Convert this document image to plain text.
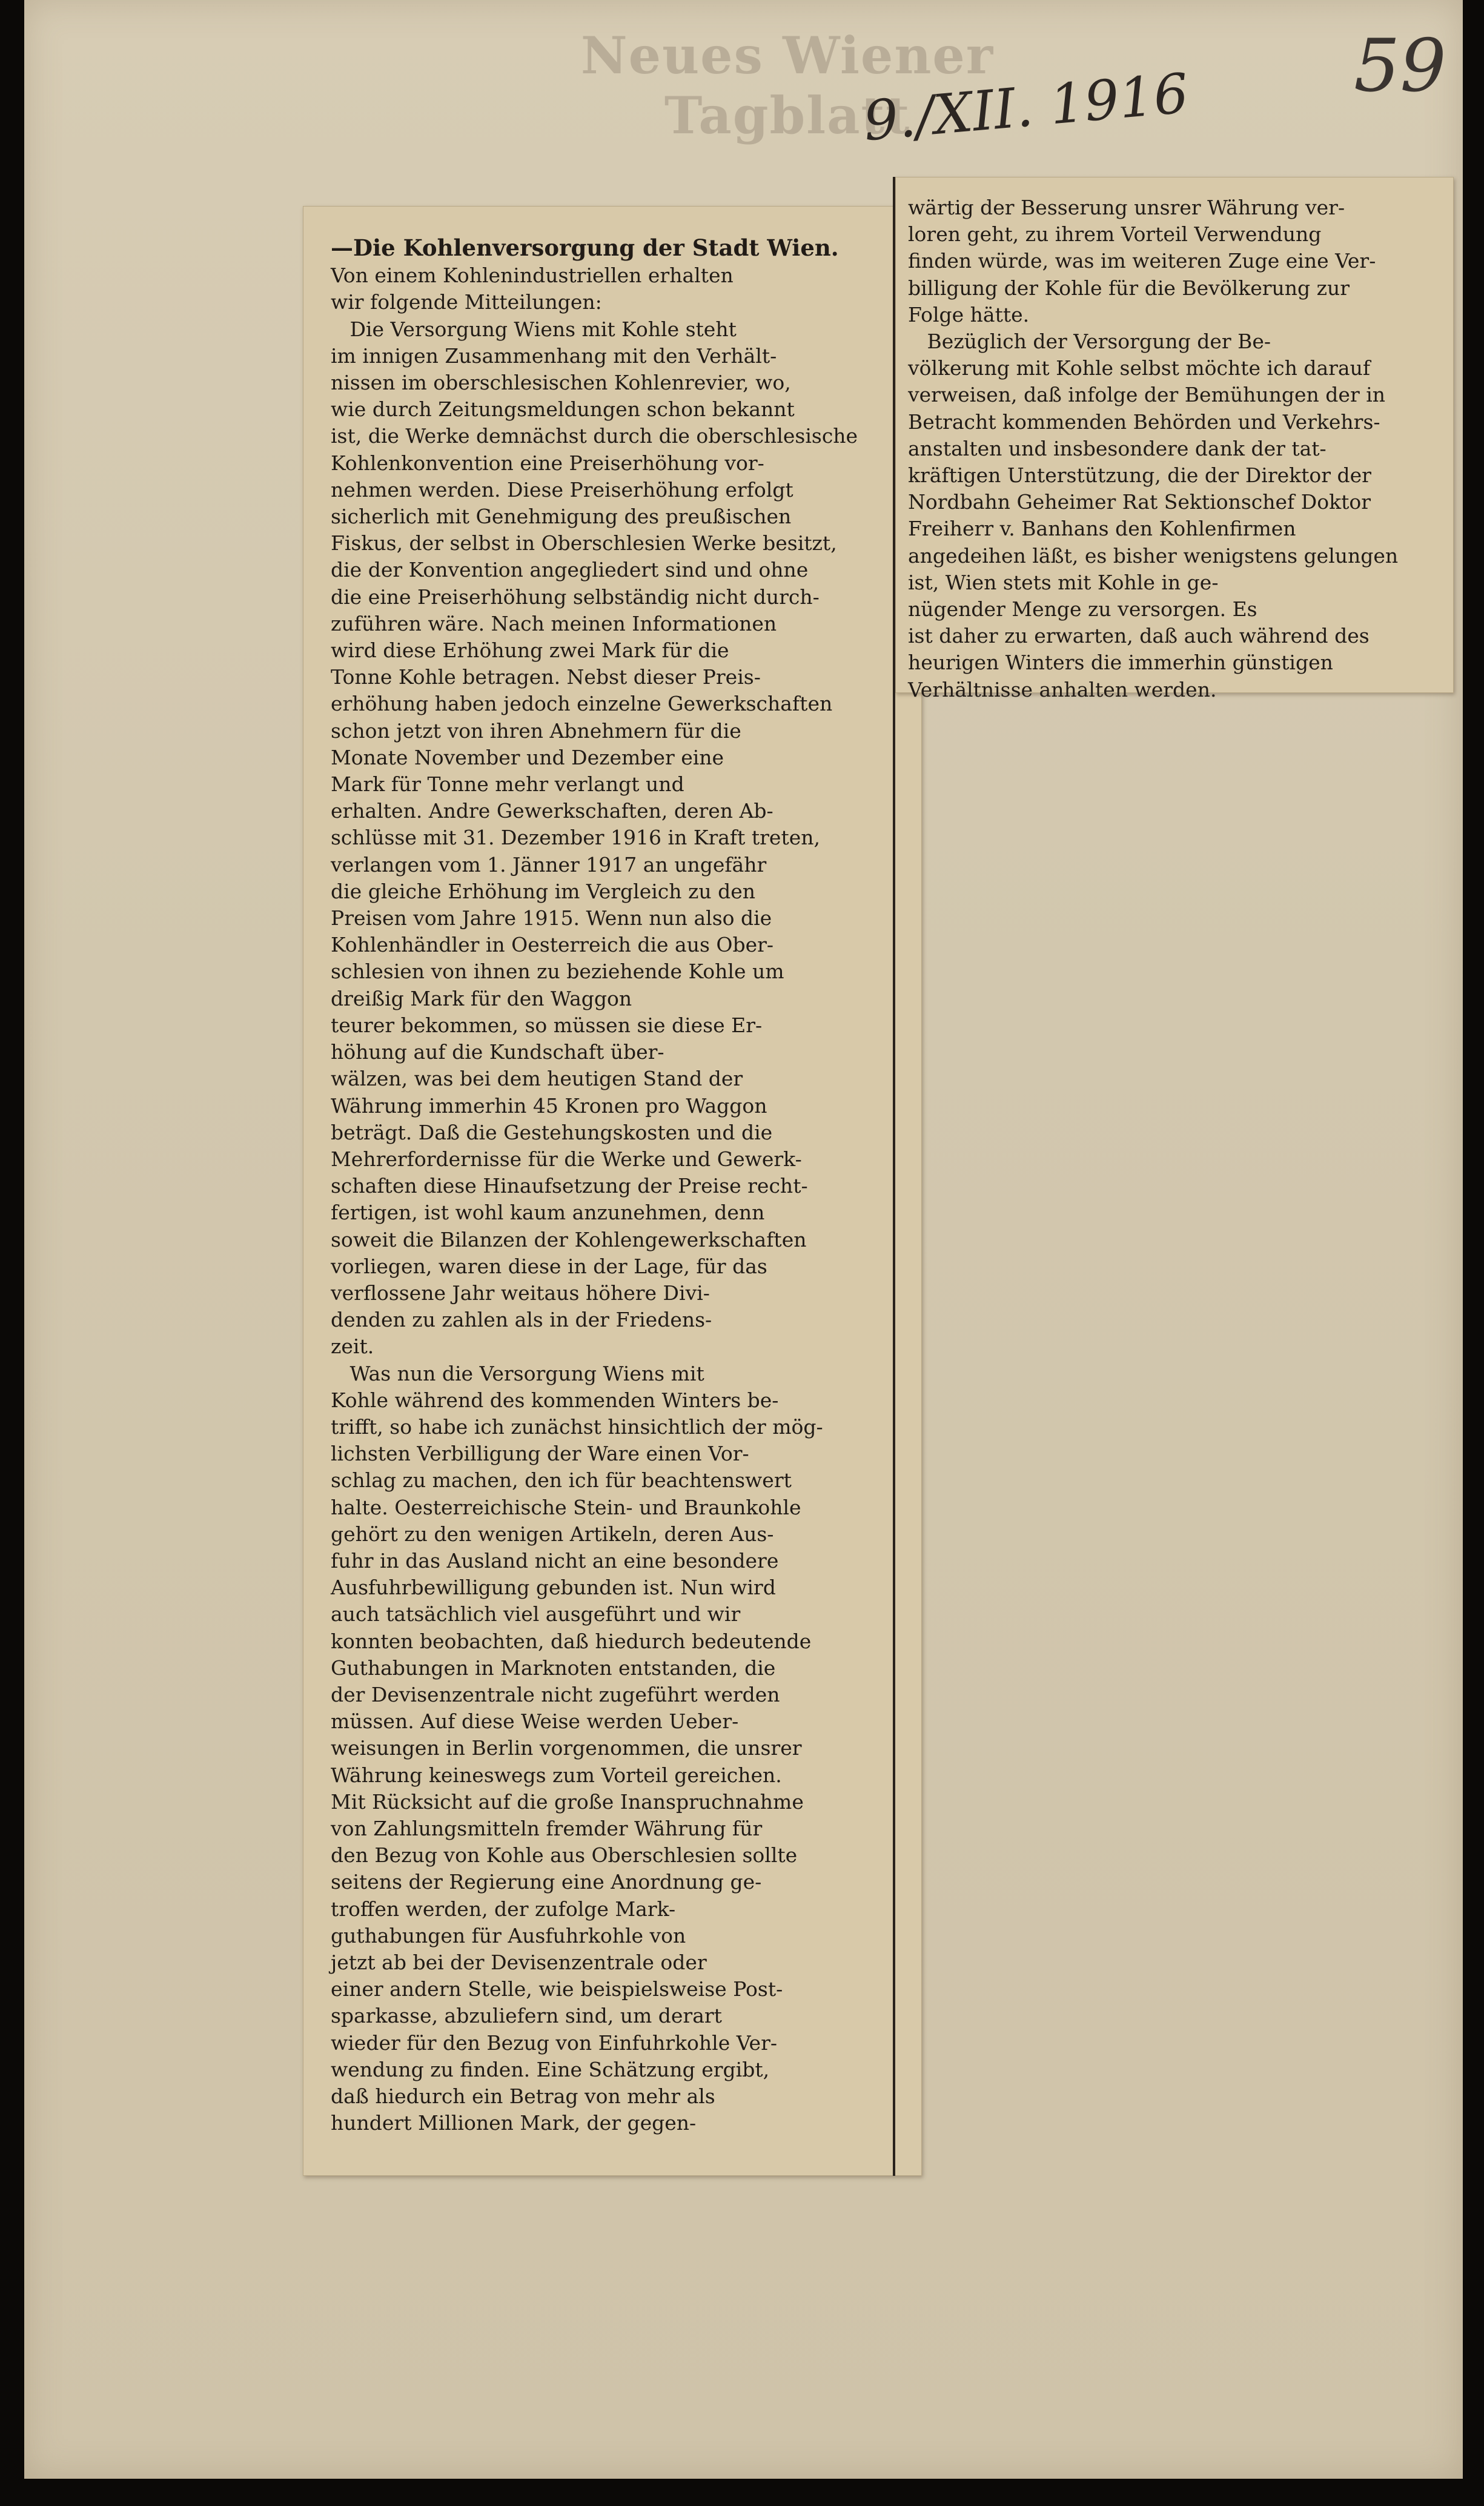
Neues Wiener Tagblatt
9./XII. 1916 59
—Die Kohlenversorgung der Stadt Wien.
Von einem Kohlenindustriellen erhalten
wir folgende Mitteilungen:
Die Versorgung Wiens mit Kohle steht
im innigen Zusammenhang mit den Verhält-
nissen im oberschlesischen Kohlenrevier, wo,
wie durch Zeitungsmeldungen schon bekannt
ist, die Werke demnächst durch die oberschlesische
Kohlenkonvention eine Preiserhöhung vor-
nehmen werden. Diese Preiserhöhung erfolgt
sicherlich mit Genehmigung des preußischen
Fiskus, der selbst in Oberschlesien Werke besitzt,
die der Konvention angegliedert sind und ohne
die eine Preiserhöhung selbständig nicht durch-
zuführen wäre. Nach meinen Informationen
wird diese Erhöhung zwei Mark für die
Tonne Kohle betragen. Nebst dieser Preis-
erhöhung haben jedoch einzelne Gewerkschaften
schon jetzt von ihren Abnehmern für die
Monate November und Dezember eine
Mark für Tonne mehr verlangt und
erhalten. Andre Gewerkschaften, deren Ab-
schlüsse mit 31. Dezember 1916 in Kraft treten,
verlangen vom 1. Jänner 1917 an ungefähr
die gleiche Erhöhung im Vergleich zu den
Preisen vom Jahre 1915. Wenn nun also die
Kohlenhändler in Oesterreich die aus Ober-
schlesien von ihnen zu beziehende Kohle um
dreißig Mark für den Waggon
teurer bekommen, so müssen sie diese Er-
höhung auf die Kundschaft über-
wälzen, was bei dem heutigen Stand der
Währung immerhin 45 Kronen pro Waggon
beträgt. Daß die Gestehungskosten und die
Mehrerfordernisse für die Werke und Gewerk-
schaften diese Hinaufsetzung der Preise recht-
fertigen, ist wohl kaum anzunehmen, denn
soweit die Bilanzen der Kohlengewerkschaften
vorliegen, waren diese in der Lage, für das
verflossene Jahr weitaus höhere Divi-
denden zu zahlen als in der Friedens-
zeit.
Was nun die Versorgung Wiens mit
Kohle während des kommenden Winters be-
trifft, so habe ich zunächst hinsichtlich der mög-
lichsten Verbilligung der Ware einen Vor-
schlag zu machen, den ich für beachtenswert
halte. Oesterreichische Stein- und Braunkohle
gehört zu den wenigen Artikeln, deren Aus-
fuhr in das Ausland nicht an eine besondere
Ausfuhrbewilligung gebunden ist. Nun wird
auch tatsächlich viel ausgeführt und wir
konnten beobachten, daß hiedurch bedeutende
Guthabungen in Marknoten entstanden, die
der Devisenzentrale nicht zugeführt werden
müssen. Auf diese Weise werden Ueber-
weisungen in Berlin vorgenommen, die unsrer
Währung keineswegs zum Vorteil gereichen.
Mit Rücksicht auf die große Inanspruchnahme
von Zahlungsmitteln fremder Währung für
den Bezug von Kohle aus Oberschlesien sollte
seitens der Regierung eine Anordnung ge-
troffen werden, der zufolge Mark-
guthabungen für Ausfuhrkohle von
jetzt ab bei der Devisenzentrale oder
einer andern Stelle, wie beispielsweise Post-
sparkasse, abzuliefern sind, um derart
wieder für den Bezug von Einfuhrkohle Ver-
wendung zu finden. Eine Schätzung ergibt,
daß hiedurch ein Betrag von mehr als
hundert Millionen Mark, der gegen-
wärtig der Besserung unsrer Währung ver-
loren geht, zu ihrem Vorteil Verwendung
finden würde, was im weiteren Zuge eine Ver-
billigung der Kohle für die Bevölkerung zur
Folge hätte.
Bezüglich der Versorgung der Be-
völkerung mit Kohle selbst möchte ich darauf
verweisen, daß infolge der Bemühungen der in
Betracht kommenden Behörden und Verkehrs-
anstalten und insbesondere dank der tat-
kräftigen Unterstützung, die der Direktor der
Nordbahn Geheimer Rat Sektionschef Doktor
Freiherr v. Banhans den Kohlenfirmen
angedeihen läßt, es bisher wenigstens gelungen
ist, Wien stets mit Kohle in ge-
nügender Menge zu versorgen. Es
ist daher zu erwarten, daß auch während des
heurigen Winters die immerhin günstigen
Verhältnisse anhalten werden.
